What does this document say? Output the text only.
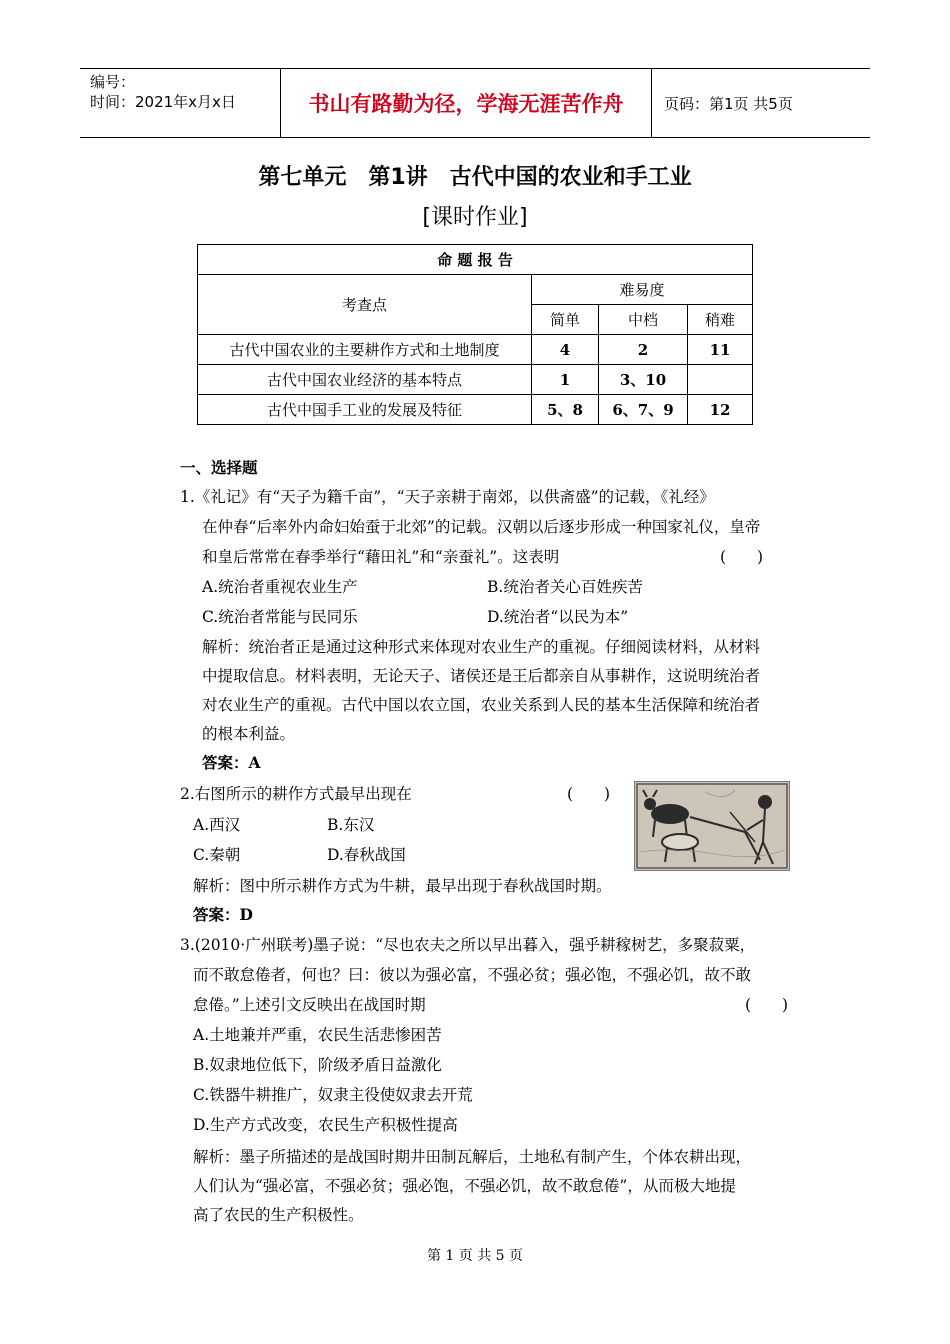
编号：
时间：2021年x月x日	书山有路勤为径，学海无涯苦作舟	页码：第1页 共5页
第七单元　第1讲　古代中国的农业和手工业
[课时作业]
命 题 报 告			
考查点	难易度		
	简单	中档	稍难
古代中国农业的主要耕作方式和土地制度	4	2	11
古代中国农业经济的基本特点	1	3、10	
古代中国手工业的发展及特征	5、8	6、7、9	12
一、选择题
1.《礼记》有“天子为籍千亩”，“天子亲耕于南郊，以供斋盛”的记载，《礼经》
在仲春“后率外内命妇始蚕于北郊”的记载。汉朝以后逐步形成一种国家礼仪，皇帝
和皇后常常在春季举行“藉田礼”和“亲蚕礼”。这表明	(　　)
A.统治者重视农业生产	B.统治者关心百姓疾苦
C.统治者常能与民同乐	D.统治者“以民为本”
解析：统治者正是通过这种形式来体现对农业生产的重视。仔细阅读材料，从材料
中提取信息。材料表明，无论天子、诸侯还是王后都亲自从事耕作，这说明统治者
对农业生产的重视。古代中国以农立国，农业关系到人民的基本生活保障和统治者
的根本利益。
答案：A
2.右图所示的耕作方式最早出现在	(　　)
A.西汉	B.东汉
C.秦朝	D.春秋战国
解析：图中所示耕作方式为牛耕，最早出现于春秋战国时期。
答案：D
3.(2010·广州联考)墨子说：“尽也农夫之所以早出暮入，强乎耕稼树艺，多聚菽粟，
而不敢怠倦者，何也？曰：彼以为强必富，不强必贫；强必饱，不强必饥，故不敢
怠倦。”上述引文反映出在战国时期	(　　)
A.土地兼并严重，农民生活悲惨困苦
B.奴隶地位低下，阶级矛盾日益激化
C.铁器牛耕推广，奴隶主役使奴隶去开荒
D.生产方式改变，农民生产积极性提高
解析：墨子所描述的是战国时期井田制瓦解后，土地私有制产生，个体农耕出现，
人们认为“强必富，不强必贫；强必饱，不强必饥，故不敢怠倦”，从而极大地提
高了农民的生产积极性。
第 1 页 共 5 页
